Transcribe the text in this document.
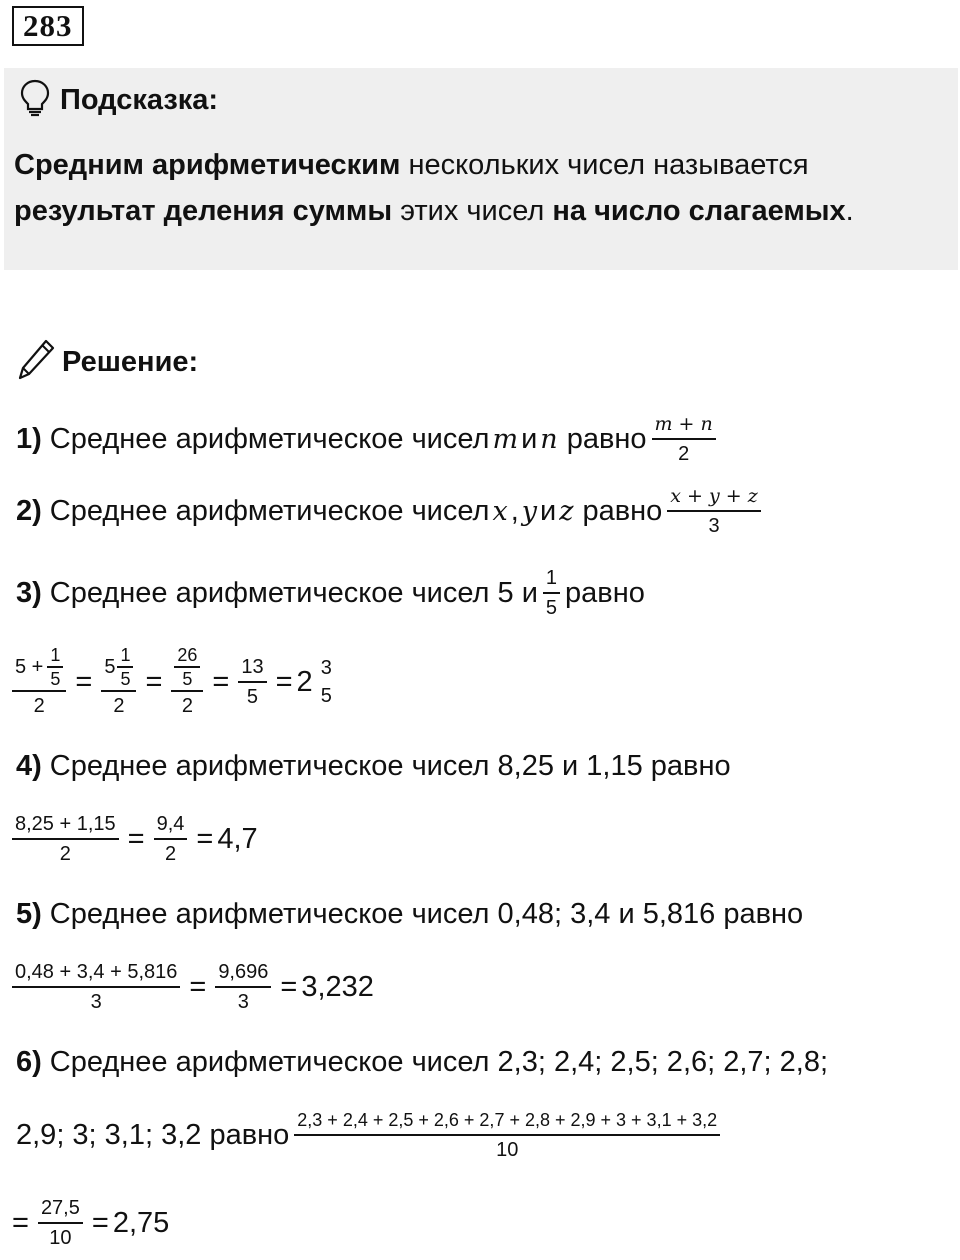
283
Подсказка:
Средним арифметическим нескольких чисел называется
результат деления суммы этих чисел на число слагаемых.
Решение:
1) Среднее арифметическое чисел m и n равно $\frac{m + n}{2}$
2) Среднее арифметическое чисел x , y и z равно $\frac{x + y + z}{3}$
3) Среднее арифметическое чисел 5 и $\frac{1}{5}$ равно
$\frac{5 + \frac{1}{5}}{2} = \frac{5 \frac{1}{5}}{2} = \frac{\frac{26}{5}}{2} = \frac{13}{5} = 2$ 3
5
4) Среднее арифметическое чисел 8,25 и 1,15 равно
$\frac{8,25 + 1,15}{2} = \frac{9,4}{2} = 4,7$
5) Среднее арифметическое чисел 0,48; 3,4 и 5,816 равно
$\frac{0,48 + 3,4 + 5,816}{3} = \frac{9,696}{3} = 3,232$
6) Среднее арифметическое чисел 2,3; 2,4; 2,5; 2,6; 2,7; 2,8;
2,9; 3; 3,1; 3,2 равно $\frac{2,3 + 2,4 + 2,5 + 2,6 + 2,7 + 2,8 + 2,9 + 3 + 3,1 + 3,2}{10}$
= $\frac{27,5}{10} = 2,75$
